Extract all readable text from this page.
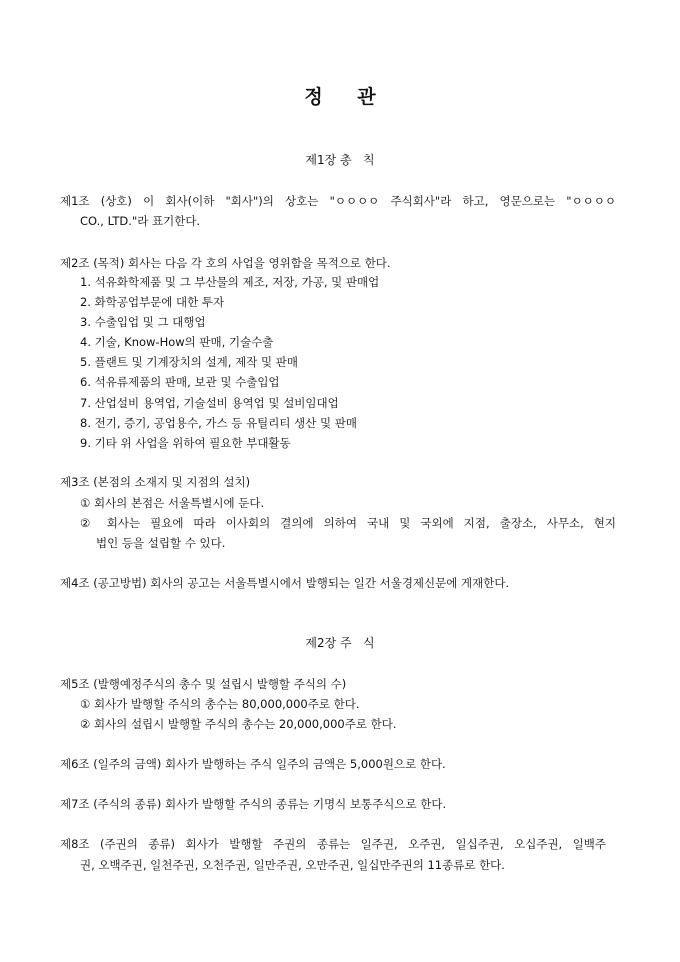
정 관
제1장 총   칙
제1조 (상호) 이 회사(이하 "회사")의 상호는 "ㅇㅇㅇㅇ 주식회사"라 하고, 영문으로는 "ㅇㅇㅇㅇ
CO., LTD."라 표기한다.
제2조 (목적) 회사는 다음 각 호의 사업을 영위함을 목적으로 한다.
1. 석유화학제품 및 그 부산물의 제조, 저장, 가공, 및 판매업
2. 화학공업부문에 대한 투자
3. 수출입업 및 그 대행업
4. 기술, Know-How의 판매, 기술수출
5. 플랜트 및 기계장치의 설계, 제작 및 판매
6. 석유류제품의 판매, 보관 및 수출입업
7. 산업설비 용역업, 기술설비 용역업 및 설비임대업
8. 전기, 증기, 공업용수, 가스 등 유틸리티 생산 및 판매
9. 기타 위 사업을 위하여 필요한 부대활동
제3조 (본점의 소재지 및 지점의 설치)
① 회사의 본점은 서울특별시에 둔다.
② 회사는 필요에 따라 이사회의 결의에 의하여 국내 및 국외에 지점, 출장소, 사무소, 현지
법인 등을 설립할 수 있다.
제4조 (공고방법) 회사의 공고는 서울특별시에서 발행되는 일간 서울경제신문에 게재한다.
제2장 주   식
제5조 (발행예정주식의 총수 및 설립시 발행할 주식의 수)
① 회사가 발행할 주식의 총수는 80,000,000주로 한다.
② 회사의 설립시 발행할 주식의 총수는 20,000,000주로 한다.
제6조 (일주의 금액) 회사가 발행하는 주식 일주의 금액은 5,000원으로 한다.
제7조 (주식의 종류) 회사가 발행할 주식의 종류는 기명식 보통주식으로 한다.
제8조 (주권의 종류) 회사가 발행할 주권의 종류는 일주권, 오주권, 일십주권, 오십주권, 일백주
권, 오백주권, 일천주권, 오천주권, 일만주권, 오만주권, 일십만주권의 11종류로 한다.
